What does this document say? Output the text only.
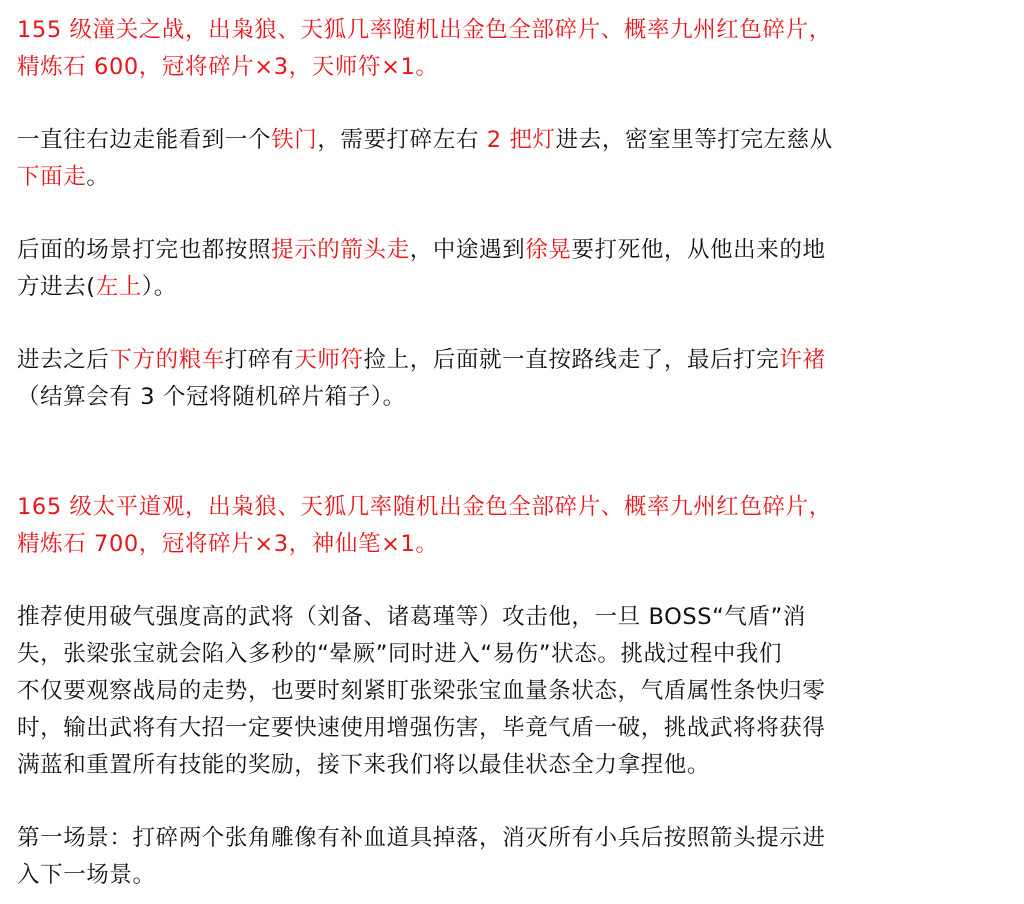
155 级潼关之战，出枭狼、天狐几率随机出金色全部碎片、概率九州红色碎片，
精炼石 600，冠将碎片×3，天师符×1。

一直往右边走能看到一个铁门，需要打碎左右 2 把灯进去，密室里等打完左慈从
下面走。

后面的场景打完也都按照提示的箭头走，中途遇到徐晃要打死他，从他出来的地
方进去(左上）。

进去之后下方的粮车打碎有天师符捡上，后面就一直按路线走了，最后打完许褚
（结算会有 3 个冠将随机碎片箱子）。

165 级太平道观，出枭狼、天狐几率随机出金色全部碎片、概率九州红色碎片，
精炼石 700，冠将碎片×3，神仙笔×1。

推荐使用破气强度高的武将（刘备、诸葛瑾等）攻击他，一旦 BOSS“气盾”消
失，张梁张宝就会陷入多秒的“晕厥”同时进入“易伤”状态。挑战过程中我们
不仅要观察战局的走势，也要时刻紧盯张梁张宝血量条状态，气盾属性条快归零
时，输出武将有大招一定要快速使用增强伤害，毕竟气盾一破，挑战武将将获得
满蓝和重置所有技能的奖励，接下来我们将以最佳状态全力拿捏他。

第一场景：打碎两个张角雕像有补血道具掉落，消灭所有小兵后按照箭头提示进
入下一场景。
